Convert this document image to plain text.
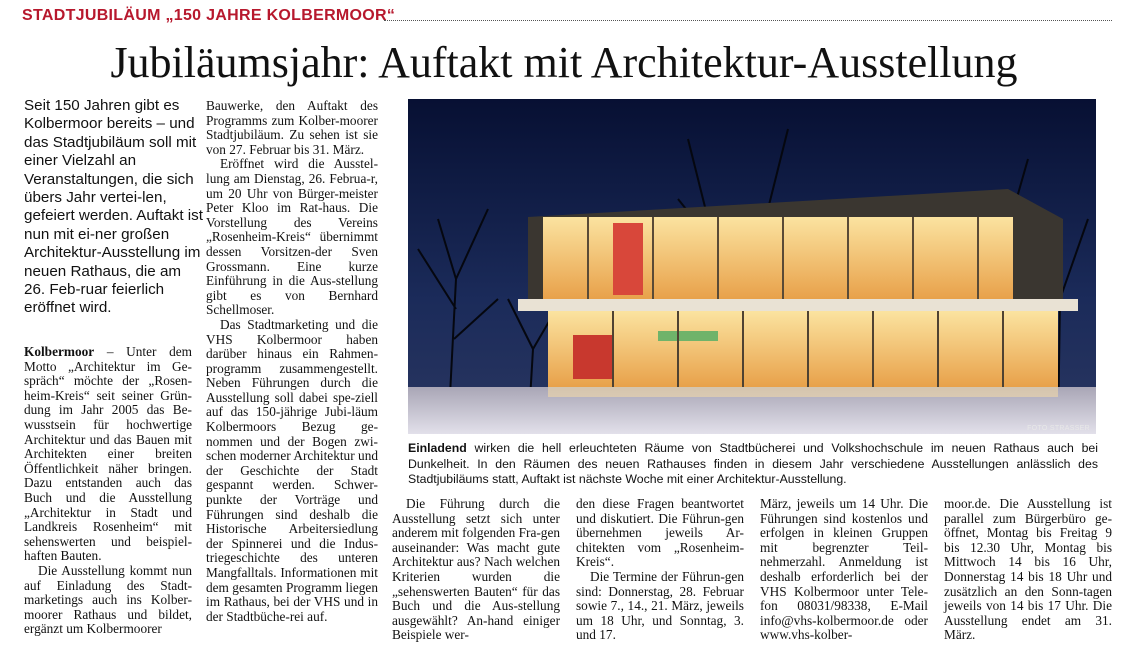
STADTJUBILÄUM „150 JAHRE KOLBERMOOR“
Jubiläumsjahr: Auftakt mit Architektur-Ausstellung

Seit 150 Jahren gibt es Kolbermoor bereits – und das Stadtjubiläum soll mit einer Vielzahl an Veranstaltungen, die sich übers Jahr vertei-len, gefeiert werden. Auftakt ist nun mit ei-ner großen Architektur-Ausstellung im neuen Rathaus, die am 26. Feb-ruar feierlich eröffnet wird.

Kolbermoor – Unter dem Motto „Architektur im Ge-spräch“ möchte der „Rosen-heim-Kreis“ seit seiner Grün-dung im Jahr 2005 das Be-wusstsein für hochwertige Architektur und das Bauen mit Architekten einer breiten Öffentlichkeit näher bringen. Dazu entstanden auch das Buch und die Ausstellung „Architektur in Stadt und Landkreis Rosenheim“ mit sehenswerten und beispiel-haften Bauten.

Die Ausstellung kommt nun auf Einladung des Stadt-marketings auch ins Kolber-moorer Rathaus und bildet, ergänzt um Kolbermoorer

Bauwerke, den Auftakt des Programms zum Kolber-moorer Stadtjubiläum. Zu sehen ist sie von 27. Februar bis 31. März.

Eröffnet wird die Ausstel-lung am Dienstag, 26. Februa-r, um 20 Uhr von Bürger-meister Peter Kloo im Rat-haus. Die Vorstellung des Vereins „Rosenheim-Kreis“ übernimmt dessen Vorsitzen-der Sven Grossmann. Eine kurze Einführung in die Aus-stellung gibt es von Bernhard Schellmoser.

Das Stadtmarketing und die VHS Kolbermoor haben darüber hinaus ein Rahmen-programm zusammengestellt. Neben Führungen durch die Ausstellung soll dabei spe-ziell auf das 150-jährige Jubi-läum Kolbermoors Bezug ge-nommen und der Bogen zwi-schen moderner Architektur und der Geschichte der Stadt gespannt werden. Schwer-punkte der Vorträge und Führungen sind deshalb die Historische Arbeitersiedlung der Spinnerei und die Indus-triegeschichte des unteren Mangfalltals. Informationen mit dem gesamten Programm liegen im Rathaus, bei der VHS und in der Stadtbüche-rei auf.

Die Führung durch die Ausstellung setzt sich unter anderem mit folgenden Fra-gen auseinander: Was macht gute Architektur aus? Nach welchen Kriterien wurden die „sehenswerten Bauten“ für das Buch und die Aus-stellung ausgewählt? An-hand einiger Beispiele wer-

den diese Fragen beantwortet und diskutiert. Die Führun-gen übernehmen jeweils Ar-chitekten vom „Rosenheim-Kreis“.

Die Termine der Führun-gen sind: Donnerstag, 28. Februar sowie 7., 14., 21. März, jeweils um 18 Uhr, und Sonntag, 3. und 17.

März, jeweils um 14 Uhr. Die Führungen sind kostenlos und erfolgen in kleinen Gruppen mit begrenzter Teil-nehmerzahl. Anmeldung ist deshalb erforderlich bei der VHS Kolbermoor unter Tele-fon 08031/98338, E-Mail info@vhs-kolbermoor.de oder www.vhs-kolber-

moor.de. Die Ausstellung ist parallel zum Bürgerbüro ge-öffnet, Montag bis Freitag 9 bis 12.30 Uhr, Montag bis Mittwoch 14 bis 16 Uhr, Donnerstag 14 bis 18 Uhr und zusätzlich an den Sonn-tagen jeweils von 14 bis 17 Uhr. Die Ausstellung endet am 31. März.

FOTO STRASSER

Einladend wirken die hell erleuchteten Räume von Stadtbücherei und Volkshochschule im neuen Rathaus auch bei Dunkelheit. In den Räumen des neuen Rathauses finden in diesem Jahr verschiedene Ausstellungen anlässlich des Stadtjubiläums statt, Auftakt ist nächste Woche mit einer Architektur-Ausstellung.
